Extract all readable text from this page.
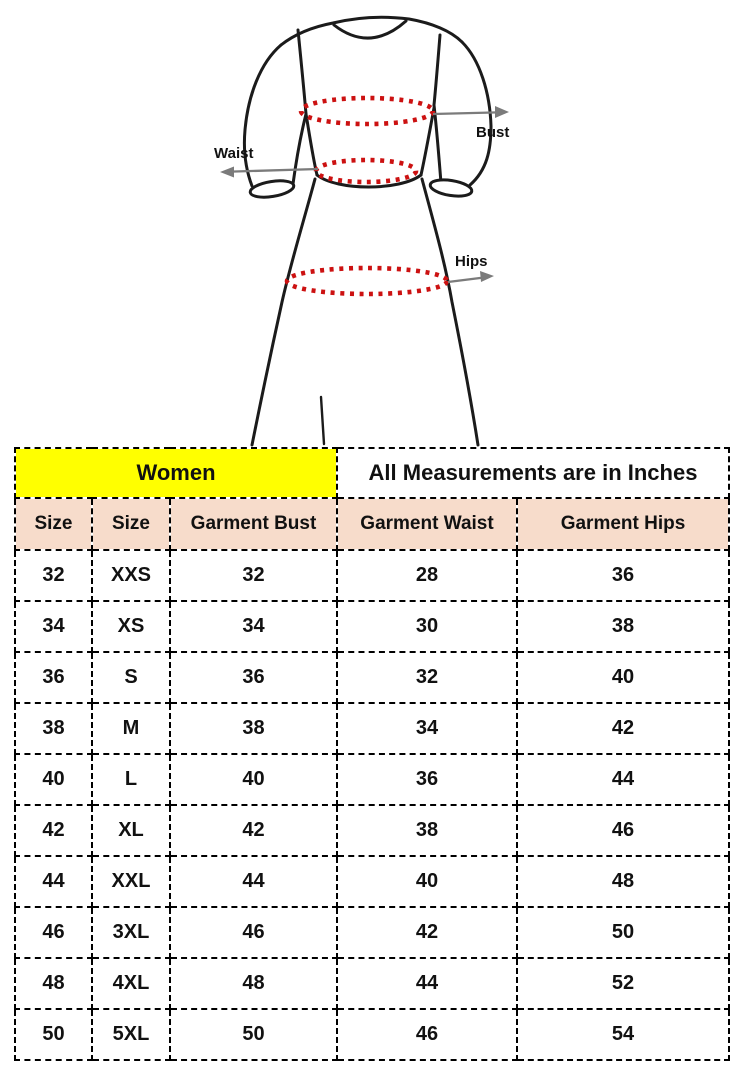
Bust
Waist
Hips
Women			All Measurements are in Inches	
Size	Size	Garment Bust	Garment Waist	Garment Hips
32	XXS	32	28	36
34	XS	34	30	38
36	S	36	32	40
38	M	38	34	42
40	L	40	36	44
42	XL	42	38	46
44	XXL	44	40	48
46	3XL	46	42	50
48	4XL	48	44	52
50	5XL	50	46	54
